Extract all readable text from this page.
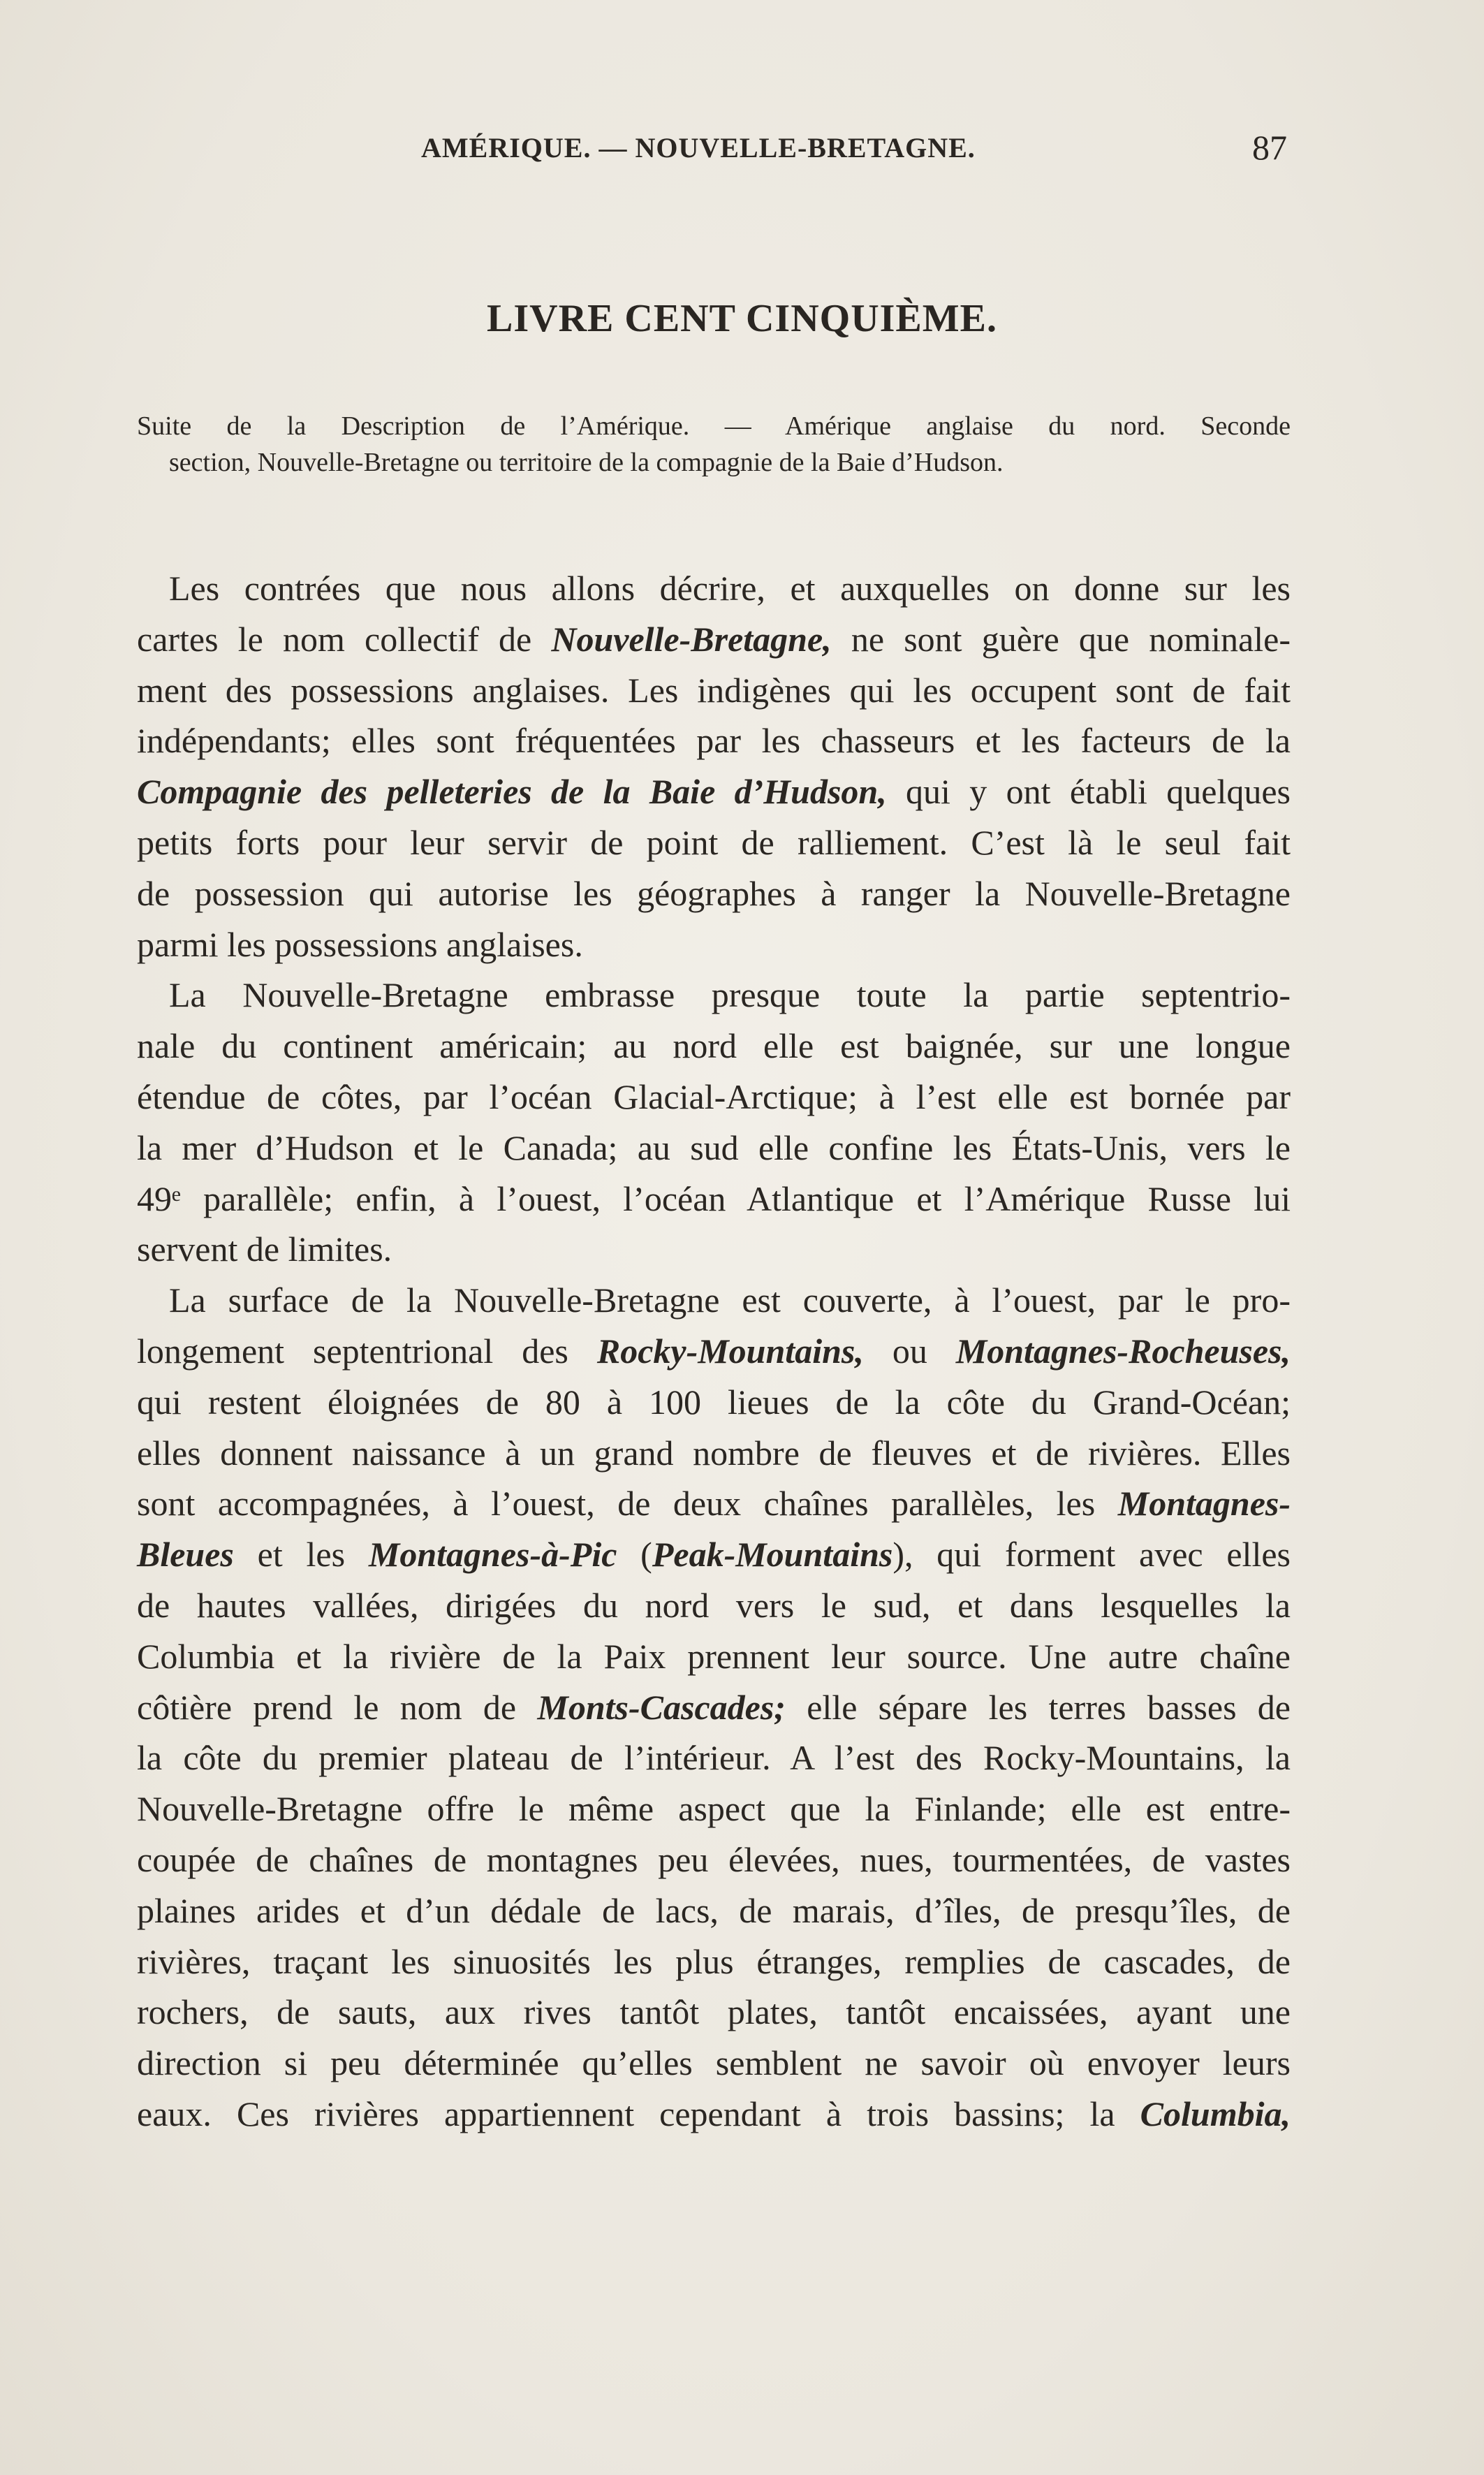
AMÉRIQUE. — NOUVELLE-BRETAGNE.	87
LIVRE CENT CINQUIÈME.
Suite de la Description de l’Amérique. — Amérique anglaise du nord. Seconde
section, Nouvelle-Bretagne ou territoire de la compagnie de la Baie d’Hudson.
Les contrées que nous allons décrire, et auxquelles on donne sur les
cartes le nom collectif de Nouvelle-Bretagne, ne sont guère que nominale-
ment des possessions anglaises. Les indigènes qui les occupent sont de fait
indépendants; elles sont fréquentées par les chasseurs et les facteurs de la
Compagnie des pelleteries de la Baie d’Hudson, qui y ont établi quelques
petits forts pour leur servir de point de ralliement. C’est là le seul fait
de possession qui autorise les géographes à ranger la Nouvelle-Bretagne
parmi les possessions anglaises.
La Nouvelle-Bretagne embrasse presque toute la partie septentrio-
nale du continent américain; au nord elle est baignée, sur une longue
étendue de côtes, par l’océan Glacial-Arctique; à l’est elle est bornée par
la mer d’Hudson et le Canada; au sud elle confine les États-Unis, vers le
49ᵉ parallèle; enfin, à l’ouest, l’océan Atlantique et l’Amérique Russe lui
servent de limites.
La surface de la Nouvelle-Bretagne est couverte, à l’ouest, par le pro-
longement septentrional des Rocky-Mountains, ou Montagnes-Rocheuses,
qui restent éloignées de 80 à 100 lieues de la côte du Grand-Océan;
elles donnent naissance à un grand nombre de fleuves et de rivières. Elles
sont accompagnées, à l’ouest, de deux chaînes parallèles, les Montagnes-
Bleues et les Montagnes-à-Pic (Peak-Mountains), qui forment avec elles
de hautes vallées, dirigées du nord vers le sud, et dans lesquelles la
Columbia et la rivière de la Paix prennent leur source. Une autre chaîne
côtière prend le nom de Monts-Cascades; elle sépare les terres basses de
la côte du premier plateau de l’intérieur. A l’est des Rocky-Mountains, la
Nouvelle-Bretagne offre le même aspect que la Finlande; elle est entre-
coupée de chaînes de montagnes peu élevées, nues, tourmentées, de vastes
plaines arides et d’un dédale de lacs, de marais, d’îles, de presqu’îles, de
rivières, traçant les sinuosités les plus étranges, remplies de cascades, de
rochers, de sauts, aux rives tantôt plates, tantôt encaissées, ayant une
direction si peu déterminée qu’elles semblent ne savoir où envoyer leurs
eaux. Ces rivières appartiennent cependant à trois bassins; la Columbia,
